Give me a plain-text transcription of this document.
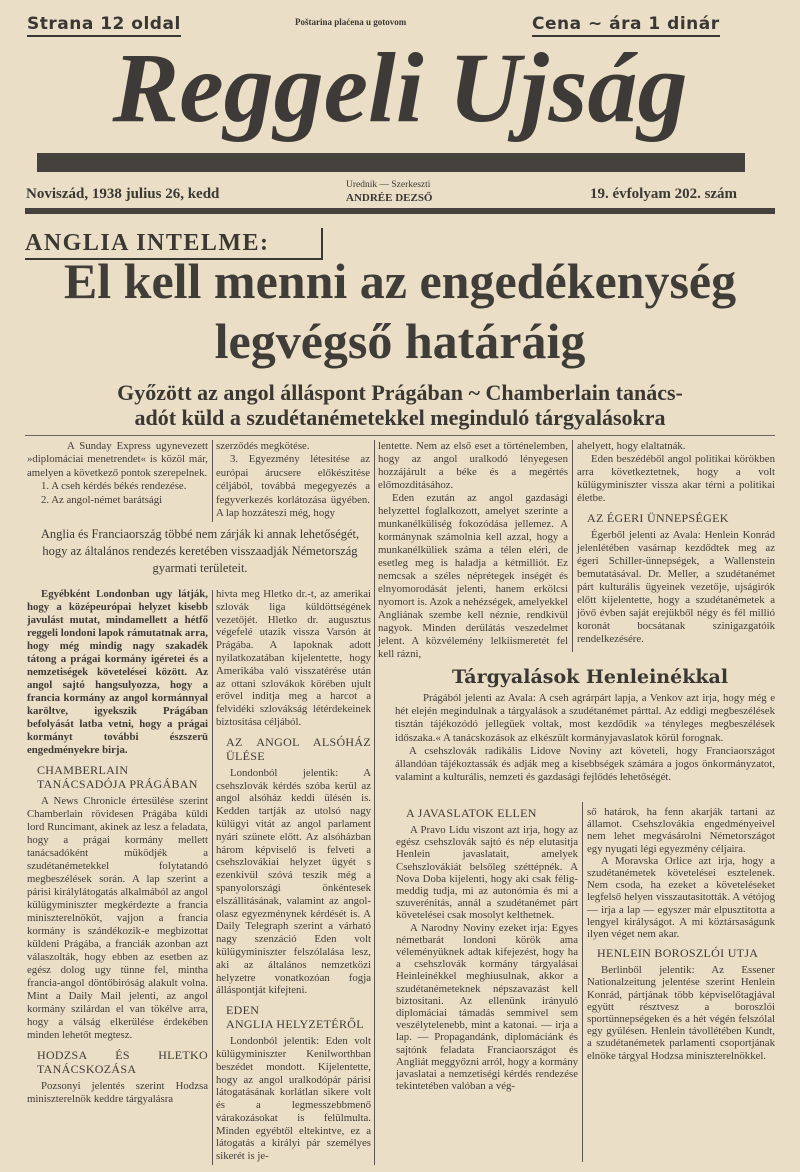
Strana 12 oldal	Poštarina plaćena u gotovom	Cena ~ ára 1 dinár
Reggeli Ujság
Noviszád, 1938 julius 26, kedd
Urednik — Szerkeszti
ANDRÉE DEZSŐ	19. évfolyam 202. szám
ANGLIA INTELME:
El kell menni az engedékenység
legvégső határáig
Győzött az angol álláspont Prágában ~ Chamberlain tanács-
adót küld a szudétanémetekkel meginduló tárgyalásokra

A Sunday Express ugynevezett »diplomáciai menetrendet« is közöl már, amelyen a következő pontok szerepelnek.

1. A cseh kérdés békés rendezése.

2. Az angol-német barátsági

szerződés megkötése.

3. Egyezmény létesitése az európai árucsere előkészitése céljából, továbbá megegyezés a fegyverkezés korlátozása ügyében. A lap hozzáteszi még, hogy

Anglia és Franciaország többé nem zárják ki annak lehetőségét, hogy az általános rendezés keretében visszaadják Németország gyarmati területeit.

Egyébként Londonban ugy látják, hogy a középeurópai helyzet kisebb javulást mutat, mindamellett a hétfő reggeli londoni lapok rámutatnak arra, hogy még mindig nagy szakadék tátong a prágai kormány igéretei és a nemzetiségek követelései között. Az angol sajtó hangsulyozza, hogy a francia kormány az angol kormánnyal karöltve, igyekszik Prágában befolyását latba vetni, hogy a prágai kormányt további észszerü engedményekre birja.

CHAMBERLAIN TANÁCSADÓJA PRÁGÁBAN

A News Chronicle értesülése szerint Chamberlain rövidesen Prágába küldi lord Runcimant, akinek az lesz a feladata, hogy a prágai kormány mellett tanácsadóként müködjék a szudétanémetekkel folytatandó megbeszélések során. A lap szerint a párisi királylátogatás alkalmából az angol külügyminiszter megkérdezte a francia miniszterelnököt, vajjon a francia kormány is szándékozik-e megbizottat küldeni Prágába, a franciák azonban azt válaszolták, hogy ebben az esetben az egész dolog ugy tünne fel, mintha francia-angol döntőbiróság alakult volna. Mint a Daily Mail jelenti, az angol kormány szilárdan el van tökélve arra, hogy a válság elkerülése érdekében minden lehetőt megtesz.

HODZSA ÉS HLETKO TANÁCSKOZÁSA

Pozsonyi jelentés szerint Hodzsa miniszterelnök keddre tárgyalásra

hivta meg Hletko dr.-t, az amerikai szlovák liga küldöttségének vezetőjét. Hletko dr. augusztus végefelé utazik vissza Varsón át Prágába. A lapoknak adott nyilatkozatában kijelentette, hogy Amerikába való visszatérése után az ottani szlovákok körében ujult erővel inditja meg a harcot a felvidéki szlovákság létérdekeinek biztositása céljából.

AZ ANGOL ALSÓHÁZ ÜLÉSE

Londonból jelentik: A csehszlovák kérdés szóba kerül az angol alsóház keddi ülésén is. Kedden tartják az utolsó nagy külügyi vitát az angol parlament nyári szünete előtt. Az alsóházban három képviselő is felveti a csehszlovákiai helyzet ügyét s ezenkivül szóvá teszik még a spanyolországi önkéntesek elszállitásának, valamint az angol-olasz egyezménynek kérdését is. A Daily Telegraph szerint a várható nagy szenzáció Eden volt külügyminiszter felszólalása lesz, aki az általános nemzetközi helyzetre vonatkozóan fogja álláspontját kifejteni.

EDEN
ANGLIA HELYZETÉRŐL

Londonból jelentik: Eden volt külügyminiszter Kenilworthban beszédet mondott. Kijelentette, hogy az angol uralkodópár párisi látogatásának korlátlan sikere volt és a legmesszebbmenő várakozásokat is felülmulta. Minden egyébtől eltekintve, ez a látogatás a királyi pár személyes sikerét is je-

lentette. Nem az első eset a történelemben, hogy az angol uralkodó lényegesen hozzájárult a béke és a megértés előmozditásához.

Eden ezután az angol gazdasági helyzettel foglalkozott, amelyet szerinte a munkanélküliség fokozódása jellemez. A kormánynak számolnia kell azzal, hogy a munkanélküliek száma a télen eléri, de esetleg meg is haladja a kétmilliót. Ez nemcsak a széles néprétegek inségét és elnyomorodását jelenti, hanem erkölcsi nyomort is. Azok a nehézségek, amelyekkel Angliának szembe kell néznie, rendkivül nagyok. Minden derülátás veszedelmet jelent. A közvélemény lelkiismeretét fel kell rázni,

ahelyett, hogy elaltatnák.

Eden beszédéből angol politikai körökben arra következtetnek, hogy a volt külügyminiszter vissza akar térni a politikai életbe.

AZ ÉGERI ÜNNEPSÉGEK

Égerből jelenti az Avala: Henlein Konrád jelenlétében vasárnap kezdődtek meg az égeri Schiller-ünnepségek, a Wallenstein bemutatásával. Dr. Meller, a szudétanémet párt kulturális ügyeinek vezetője, ujságirók előtt kijelentette, hogy a szudétanémetek a jövő évben saját erejükből négy és fél millió koronát bocsátanak szinigazgatóik rendelkezésére.

Tárgyalások Henleinékkal

Prágából jelenti az Avala: A cseh agrárpárt lapja, a Venkov azt irja, hogy még e hét elején megindulnak a tárgyalások a szudétanémet párttal. Az eddigi megbeszélések tisztán tájékozódó jellegüek voltak, most kezdődik »a tényleges megbeszélések időszaka.« A tanácskozások az elkészült kormányjavaslatok körül forognak.

A csehszlovák radikális Lidove Noviny azt követeli, hogy Franciaországot állandóan tájékoztassák és adják meg a kisebbségek számára a jogos önkormányzatot, valamint a kulturális, nemzeti és gazdasági fejlődés lehetőségét.

A JAVASLATOK ELLEN

A Pravo Lidu viszont azt irja, hogy az egész csehszlovák sajtó és nép elutasitja Henlein javaslatait, amelyek Csehszlovákiát belsőleg széttépnék. A Nova Doba kijelenti, hogy aki csak félig-meddig tudja, mi az autonómia és mi a szuverénitás, annál a szudétanémet párt követelései csak mosolyt kelthetnek.

A Narodny Noviny ezeket irja: Egyes németbarát londoni körök ama véleményüknek adtak kifejezést, hogy ha a csehszlovák kormány tárgyalásai Heinleinékkel meghiusulnak, akkor a szudétanémeteknek népszavazást kell biztositani. Az ellenünk irányuló diplomáciai támadás semmivel sem veszélytelenebb, mint a katonai. — irja a lap. — Propagandánk, diplomáciánk és sajtónk feladata Franciaországot és Angliát meggyőzni arról, hogy a kormány javaslatai a nemzetiségi kérdés rendezése tekintetében valóban a vég-

ső határok, ha fenn akarják tartani az államot. Csehszlovákia engedményeivel nem lehet megvásárolni Németországot egy nyugati légi egyezmény céljaira.

A Moravska Orlice azt irja, hogy a szudétanémetek követelései esztelenek. Nem csoda, ha ezeket a követeléseket legfelső helyen visszautasitották. A vétójog — irja a lap — egyszer már elpusztitotta a lengyel királyságot. A mi köztársaságunk ilyen véget nem akar.

HENLEIN BOROSZLÓI UTJA

Berlinből jelentik: Az Essener Nationalzeitung jelentése szerint Henlein Konrád, pártjának több képviselőtagjával együtt résztvesz a boroszlói sportünnepségeken és a hét végén felszólal egy gyülésen. Henlein távollétében Kundt, a szudétanémetek parlamenti csoportjának elnöke tárgyal Hodzsa miniszterelnökkel.
